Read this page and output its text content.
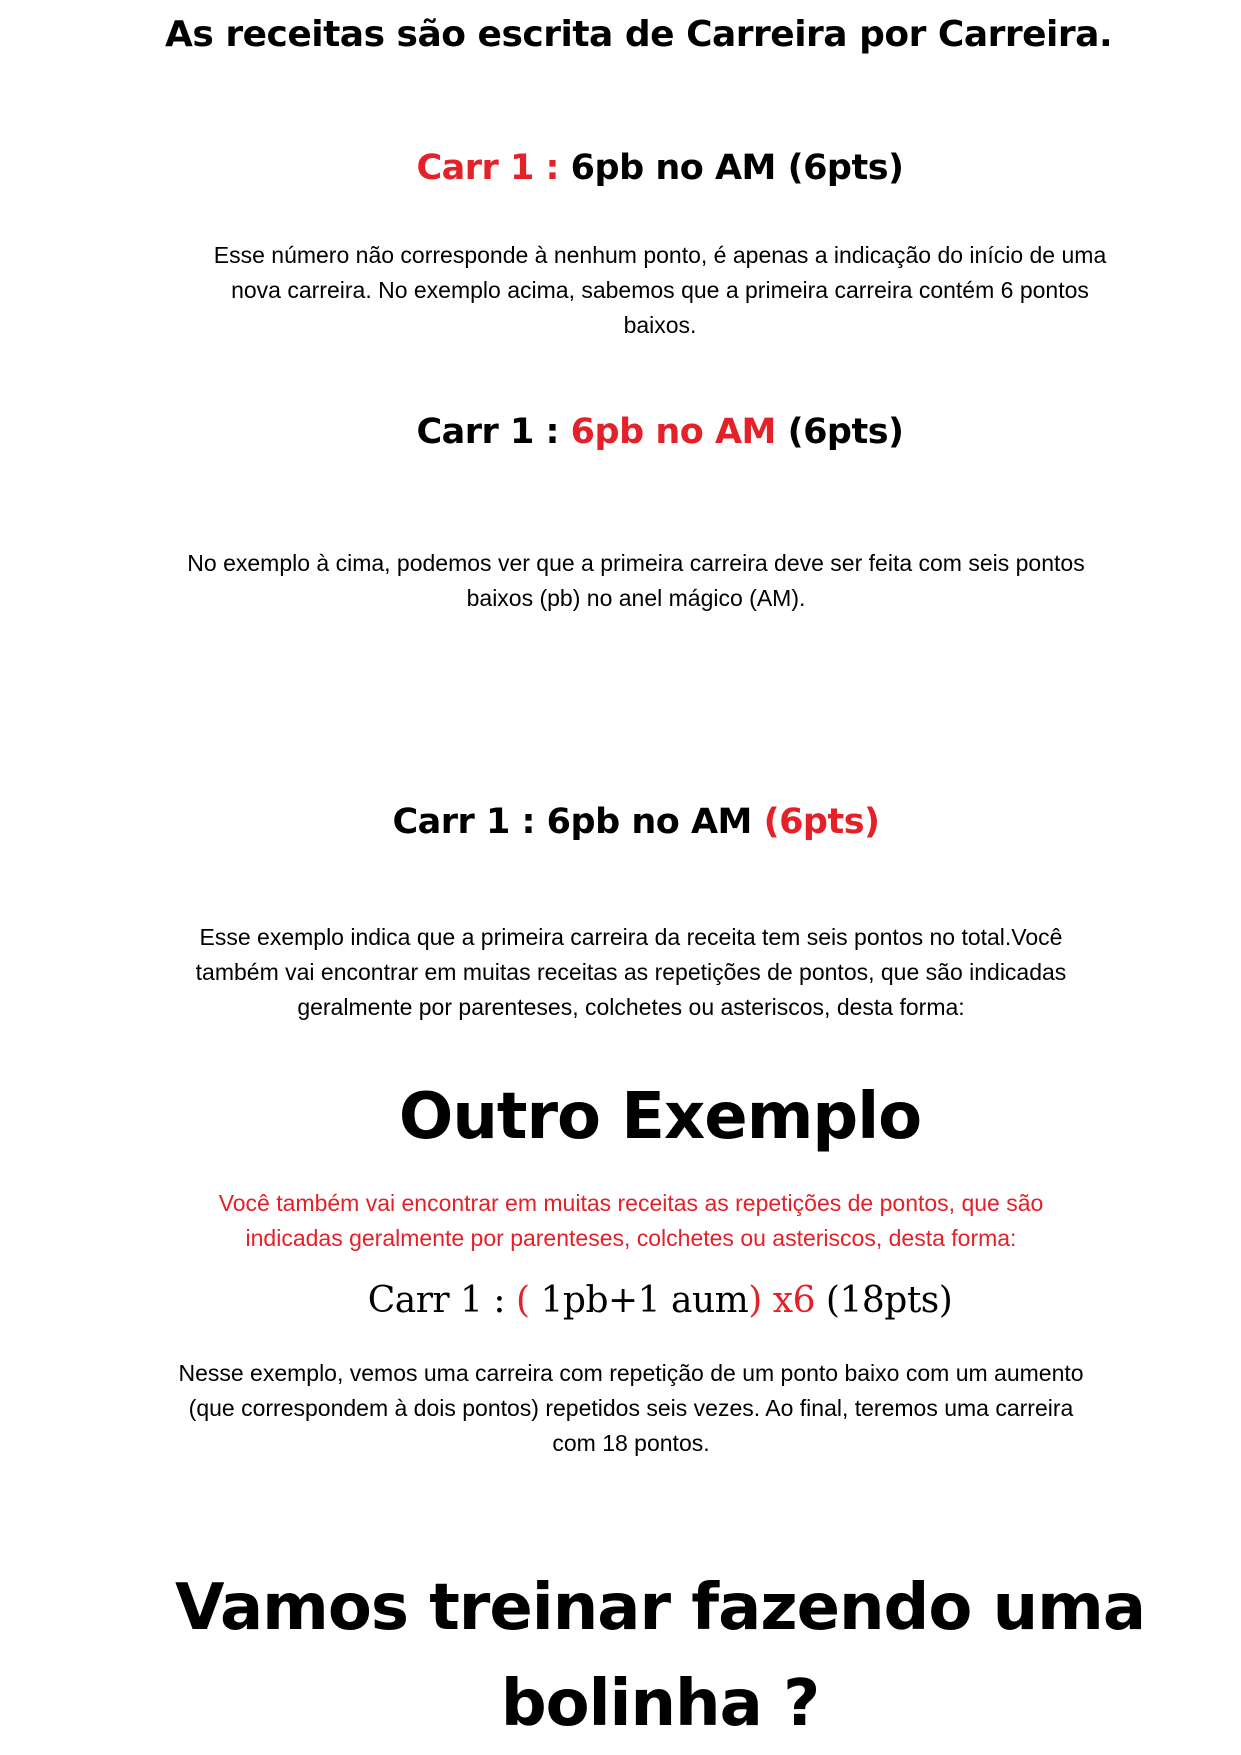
As receitas são escrita de Carreira por Carreira.
Carr 1 : 6pb no AM (6pts)
Esse número não corresponde à nenhum ponto, é apenas a indicação do início de uma
nova carreira. No exemplo acima, sabemos que a primeira carreira contém 6 pontos
baixos.
Carr 1 : 6pb no AM (6pts)
No exemplo à cima, podemos ver que a primeira carreira deve ser feita com seis pontos
baixos (pb) no anel mágico (AM).
Carr 1 : 6pb no AM (6pts)
Esse exemplo indica que a primeira carreira da receita tem seis pontos no total.Você
também vai encontrar em muitas receitas as repetições de pontos, que são indicadas
geralmente por parenteses, colchetes ou asteriscos, desta forma:
Outro Exemplo
Você também vai encontrar em muitas receitas as repetições de pontos, que são
indicadas geralmente por parenteses, colchetes ou asteriscos, desta forma:
Carr 1 : ( 1pb+1 aum) x6 (18pts)
Nesse exemplo, vemos uma carreira com repetição de um ponto baixo com um aumento
(que correspondem à dois pontos) repetidos seis vezes. Ao final, teremos uma carreira
com 18 pontos.
Vamos treinar fazendo uma
bolinha ?
